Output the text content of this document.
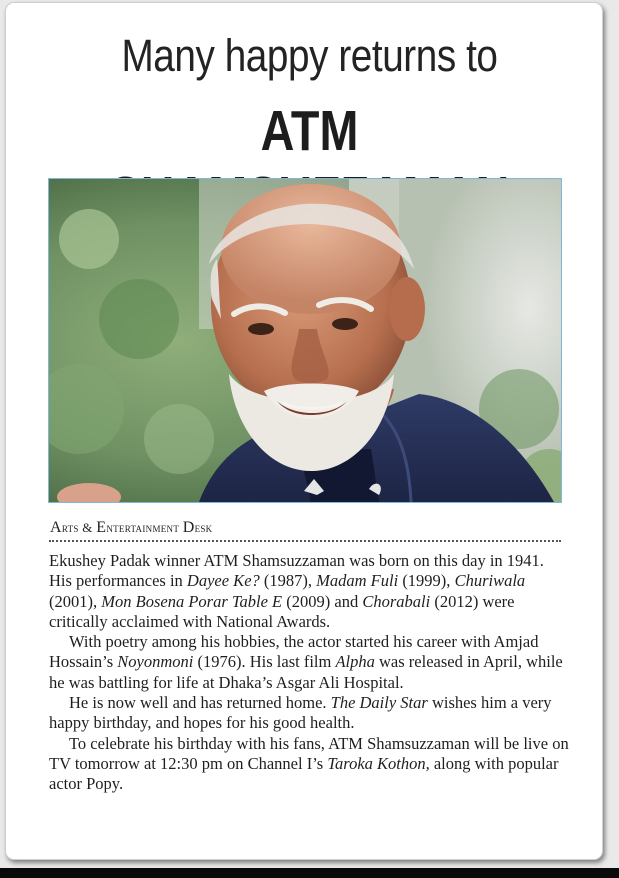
Many happy returns to
ATM
Arts & Entertainment Desk

Ekushey Padak winner ATM Shamsuzzaman was born on this day in 1941. His performances in Dayee Ke? (1987), Madam Fuli (1999), Churiwala (2001), Mon Bosena Porar Table E (2009) and Chorabali (2012) were critically acclaimed with National Awards.

With poetry among his hobbies, the actor started his career with Amjad Hossain’s Noyonmoni (1976). His last film Alpha was released in April, while he was battling for life at Dhaka’s Asgar Ali Hospital.

He is now well and has returned home. The Daily Star wishes him a very happy birthday, and hopes for his good health.

To celebrate his birthday with his fans, ATM Shamsuzzaman will be live on TV tomorrow at 12:30 pm on Channel I’s Taroka Kothon, along with popular actor Popy.
